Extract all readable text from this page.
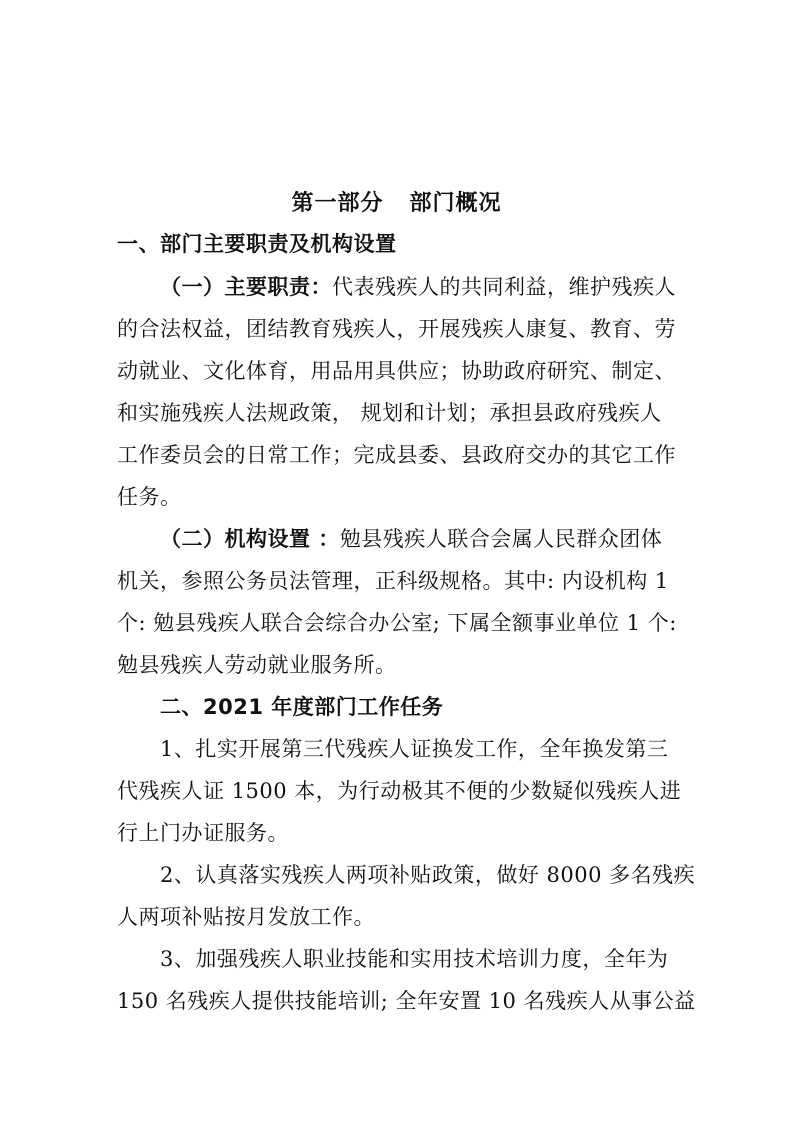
第一部分   部门概况
一、部门主要职责及机构设置
（一）主要职责：代表残疾人的共同利益，维护残疾人
的合法权益，团结教育残疾人，开展残疾人康复、教育、劳
动就业、文化体育，用品用具供应；协助政府研究、制定、
和实施残疾人法规政策， 规划和计划；承担县政府残疾人
工作委员会的日常工作；完成县委、县政府交办的其它工作
任务。
（二）机构设置 ：勉县残疾人联合会属人民群众团体
机关，参照公务员法管理，正科级规格。其中: 内设机构 1
个: 勉县残疾人联合会综合办公室; 下属全额事业单位 1 个:
勉县残疾人劳动就业服务所。
二、2021 年度部门工作任务
1、扎实开展第三代残疾人证换发工作，全年换发第三
代残疾人证 1500 本，为行动极其不便的少数疑似残疾人进
行上门办证服务。
2、认真落实残疾人两项补贴政策，做好 8000 多名残疾
人两项补贴按月发放工作。
3、加强残疾人职业技能和实用技术培训力度，全年为
150 名残疾人提供技能培训; 全年安置 10 名残疾人从事公益
